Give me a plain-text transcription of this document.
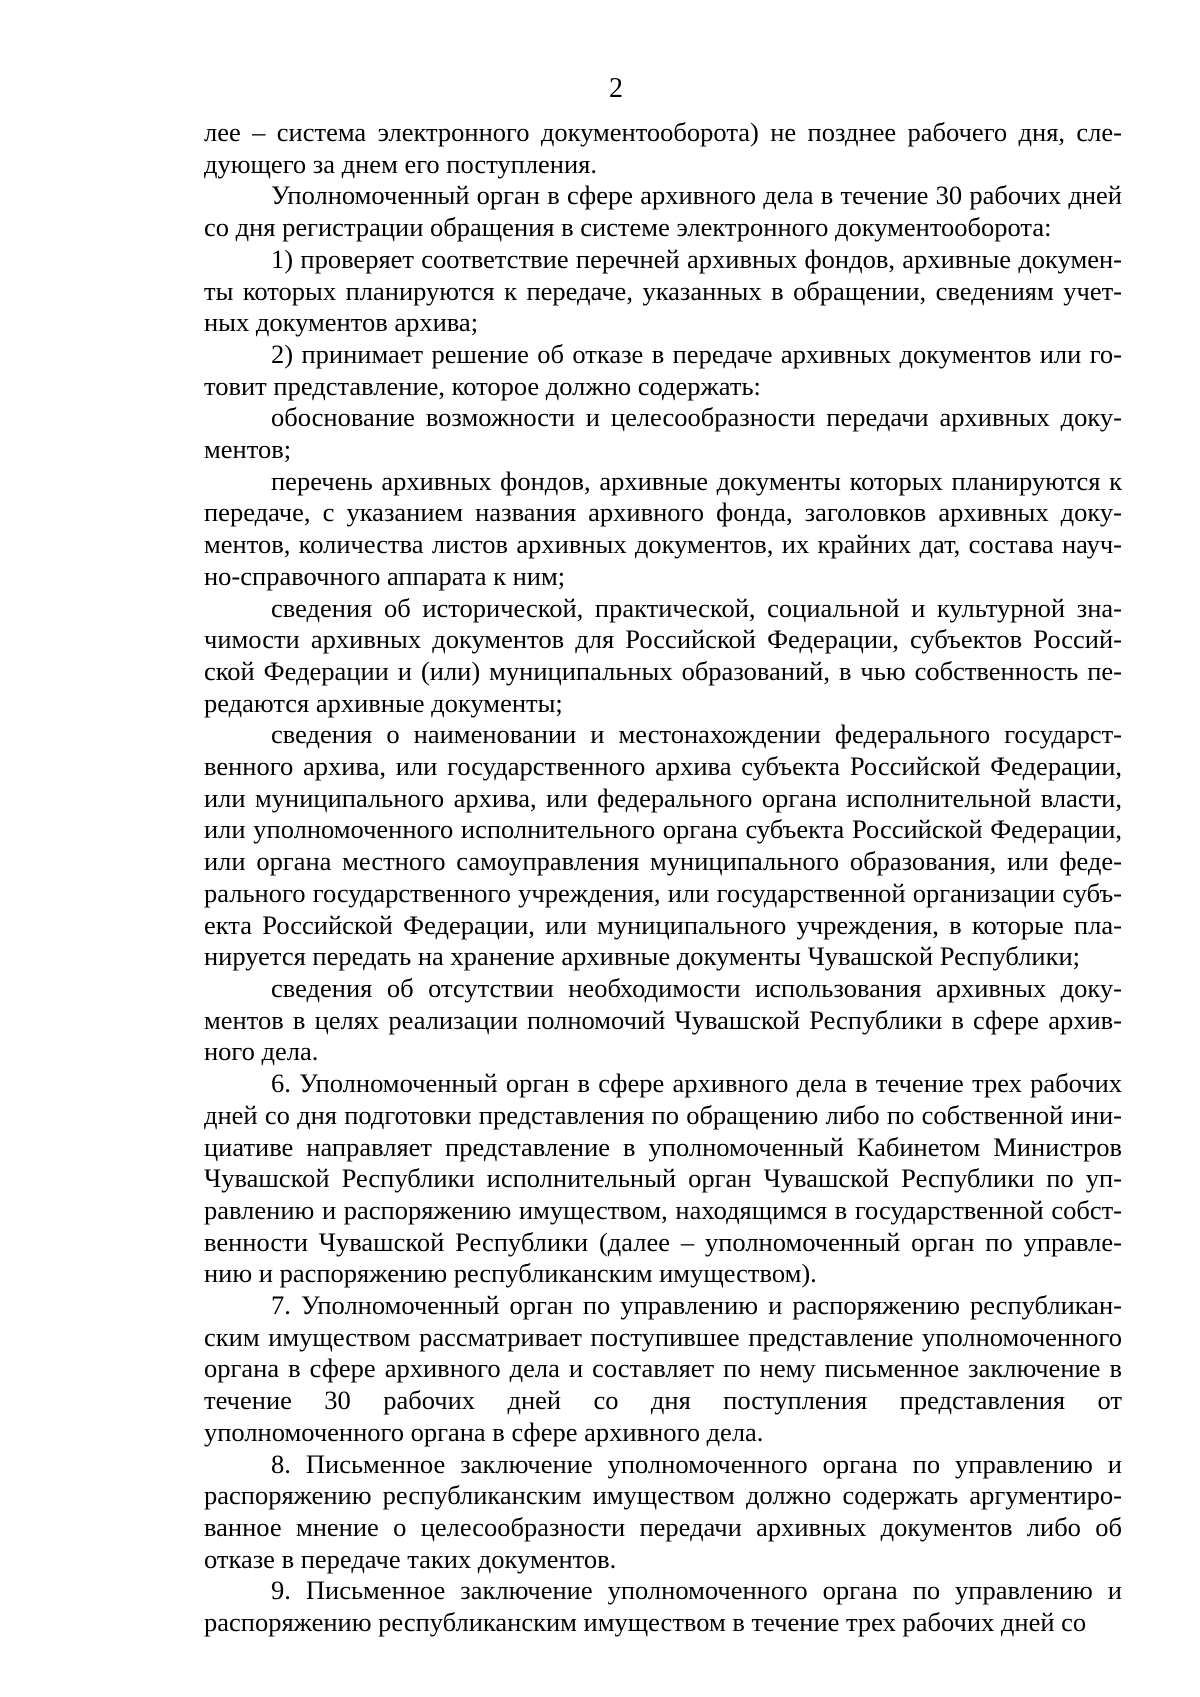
2

лее – система электронного документооборота) не позднее рабочего дня, следующего за днем его поступления.

Уполномоченный орган в сфере архивного дела в течение 30 рабочих дней со дня регистрации обращения в системе электронного документооборота:

1) проверяет соответствие перечней архивных фондов, архивные документы которых планируются к передаче, указанных в обращении, сведениям учетных документов архива;

2) принимает решение об отказе в передаче архивных документов или готовит представление, которое должно содержать:

обоснование возможности и целесообразности передачи архивных документов;

перечень архивных фондов, архивные документы которых планируются к передаче, с указанием названия архивного фонда, заголовков архивных документов, количества листов архивных документов, их крайних дат, состава научно-справочного аппарата к ним;

сведения об исторической, практической, социальной и культурной значимости архивных документов для Российской Федерации, субъектов Российской Федерации и (или) муниципальных образований, в чью собственность передаются архивные документы;

сведения о наименовании и местонахождении федерального государственного архива, или государственного архива субъекта Российской Федерации, или муниципального архива, или федерального органа исполнительной власти, или уполномоченного исполнительного органа субъекта Российской Федерации, или органа местного самоуправления муниципального образования, или федерального государственного учреждения, или государственной организации субъекта Российской Федерации, или муниципального учреждения, в которые планируется передать на хранение архивные документы Чувашской Республики;

сведения об отсутствии необходимости использования архивных документов в целях реализации полномочий Чувашской Республики в сфере архивного дела.

6. Уполномоченный орган в сфере архивного дела в течение трех рабочих дней со дня подготовки представления по обращению либо по собственной инициативе направляет представление в уполномоченный Кабинетом Министров Чувашской Республики исполнительный орган Чувашской Республики по управлению и распоряжению имуществом, находящимся в государственной собственности Чувашской Республики (далее – уполномоченный орган по управлению и распоряжению республиканским имуществом).

7. Уполномоченный орган по управлению и распоряжению республиканским имуществом рассматривает поступившее представление уполномоченного органа в сфере архивного дела и составляет по нему письменное заключение в течение 30 рабочих дней со дня поступления представления от уполномоченного органа в сфере архивного дела.

8. Письменное заключение уполномоченного органа по управлению и распоряжению республиканским имуществом должно содержать аргументированное мнение о целесообразности передачи архивных документов либо об отказе в передаче таких документов.

9. Письменное заключение уполномоченного органа по управлению и распоряжению республиканским имуществом в течение трех рабочих дней со
